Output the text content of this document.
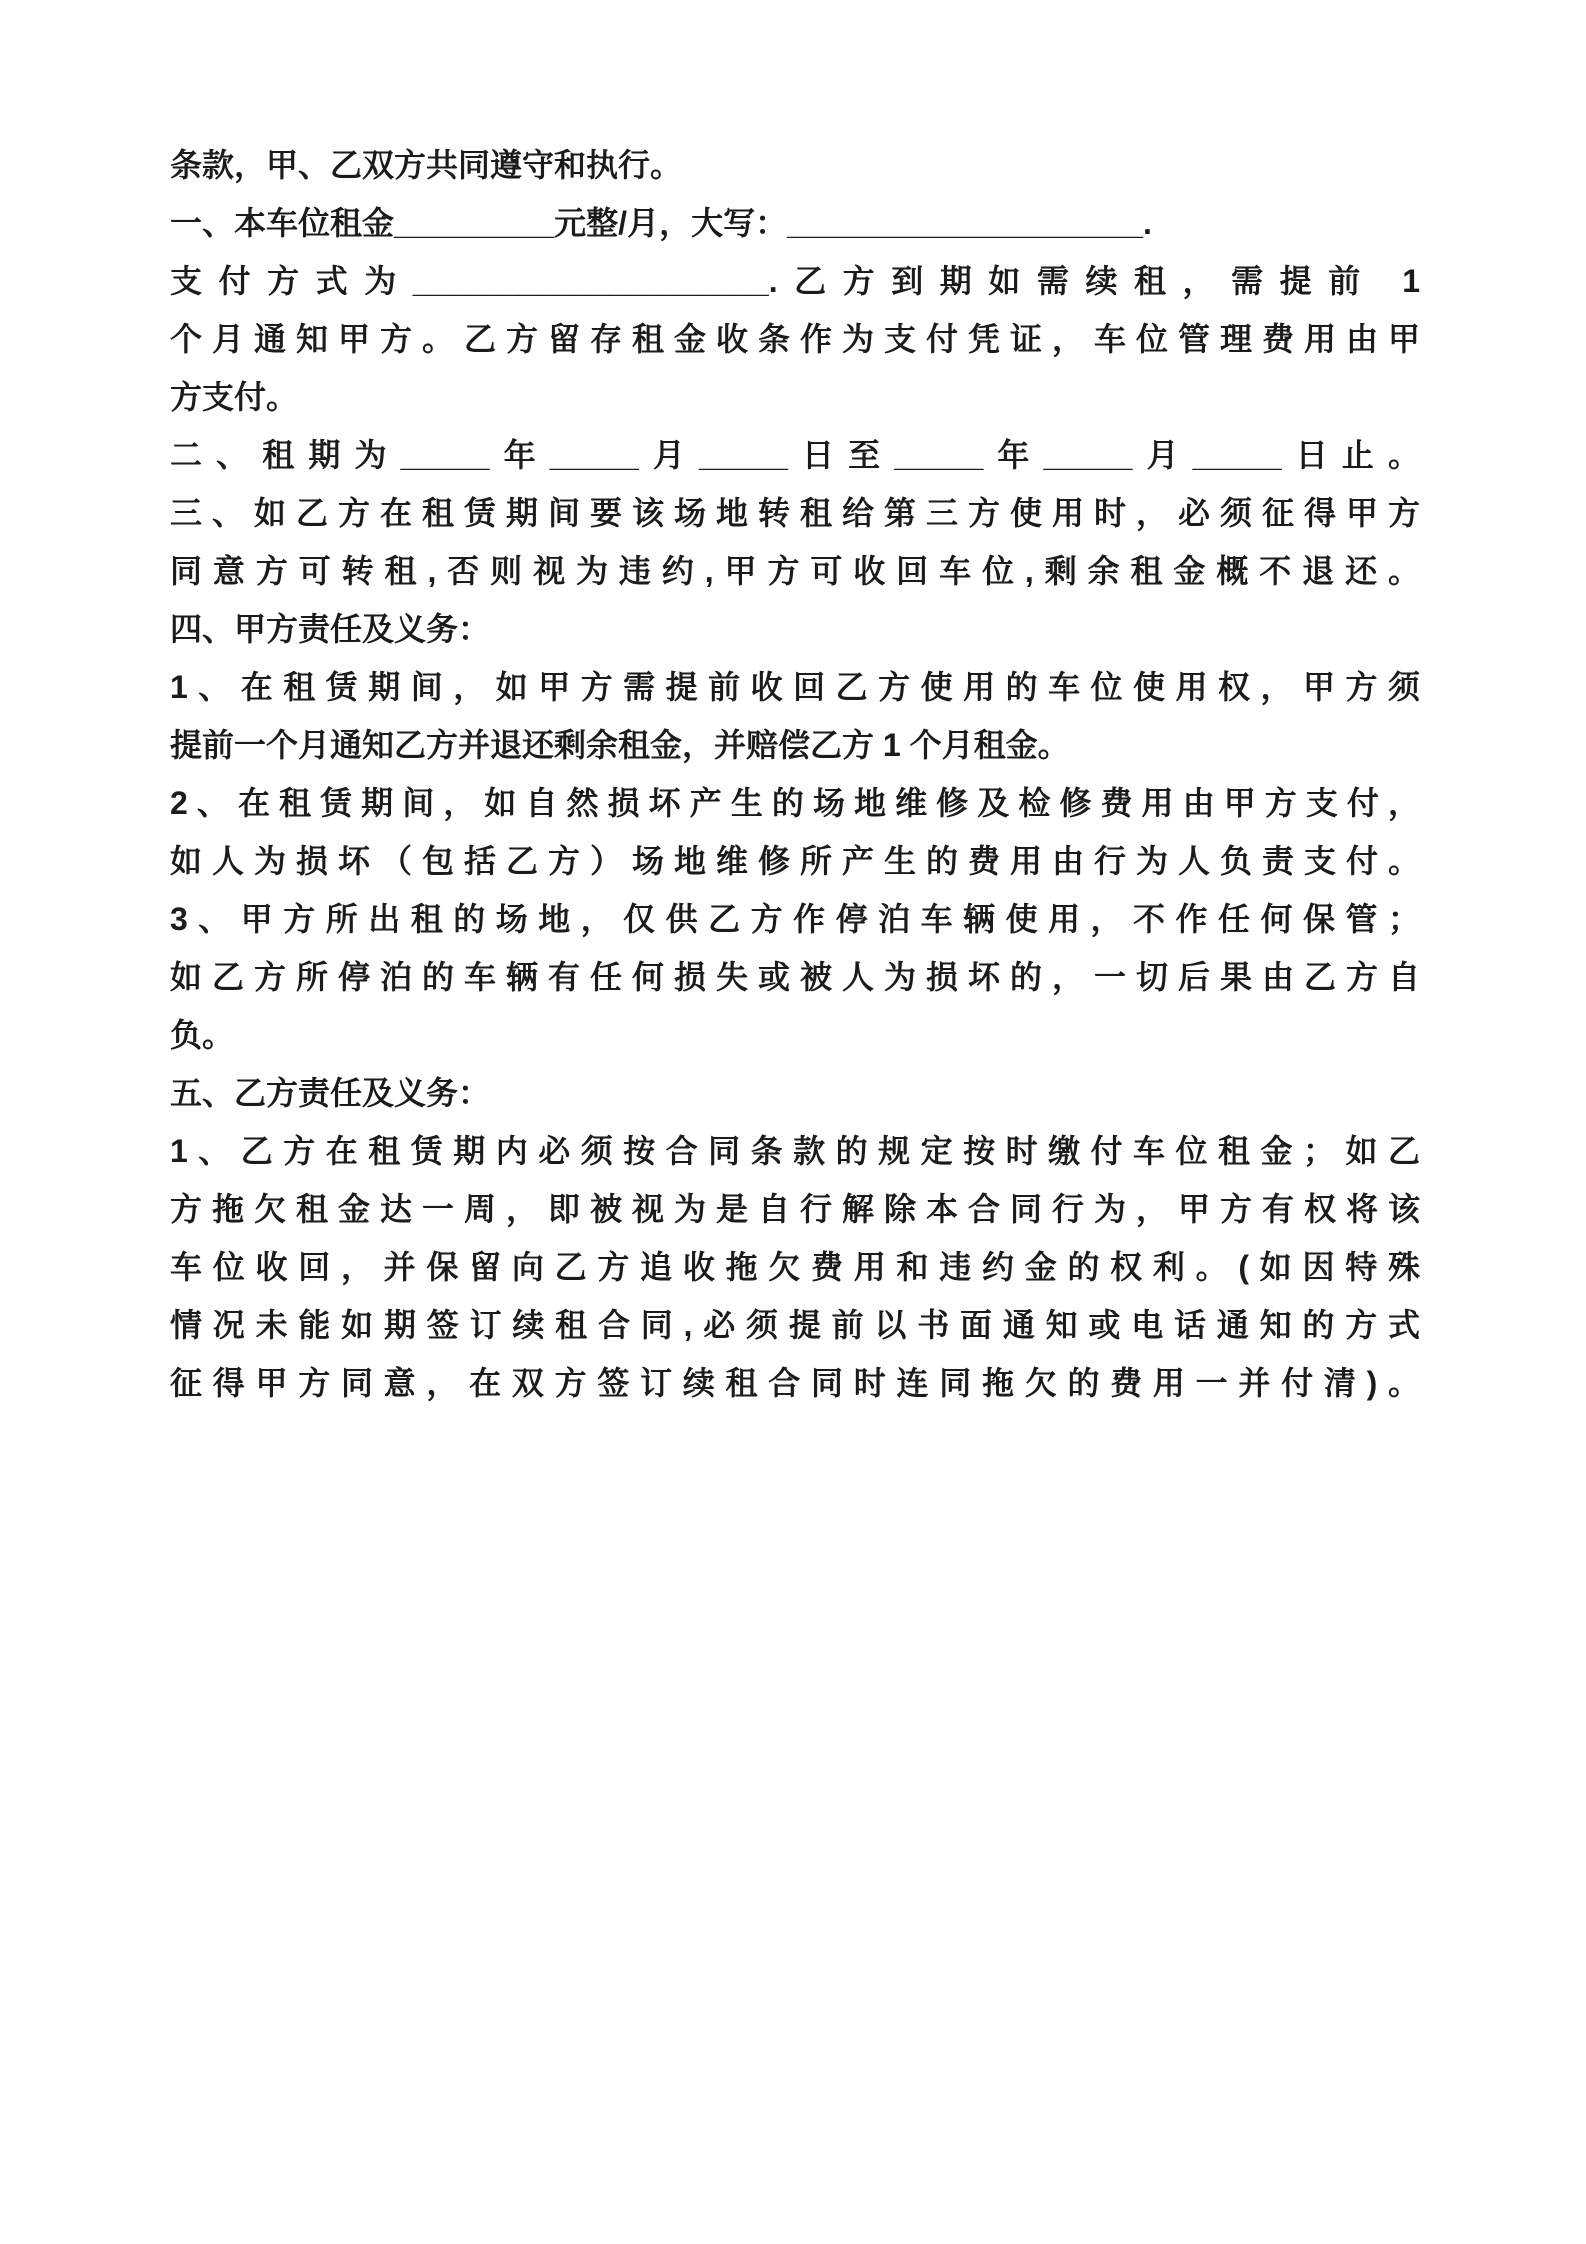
条款，甲、乙双方共同遵守和执行。
一、本车位租金_________元整/月，大写：____________________.
支付方式为____________________.乙方到期如需续租，需提前 1
个月通知甲方。乙方留存租金收条作为支付凭证，车位管理费用由甲
方支付。
二、租期为_____年_____月_____日至_____年_____月_____日止。
三、如乙方在租赁期间要该场地转租给第三方使用时，必须征得甲方
同意方可转租,否则视为违约,甲方可收回车位,剩余租金概不退还。
四、甲方责任及义务：
1、在租赁期间，如甲方需提前收回乙方使用的车位使用权，甲方须
提前一个月通知乙方并退还剩余租金，并赔偿乙方 1 个月租金。
2、在租赁期间，如自然损坏产生的场地维修及检修费用由甲方支付，
如人为损坏（包括乙方）场地维修所产生的费用由行为人负责支付。
3、甲方所出租的场地，仅供乙方作停泊车辆使用，不作任何保管；
如乙方所停泊的车辆有任何损失或被人为损坏的，一切后果由乙方自
负。
五、乙方责任及义务：
1、乙方在租赁期内必须按合同条款的规定按时缴付车位租金；如乙
方拖欠租金达一周，即被视为是自行解除本合同行为，甲方有权将该
车位收回，并保留向乙方追收拖欠费用和违约金的权利。(如因特殊
情况未能如期签订续租合同,必须提前以书面通知或电话通知的方式
征得甲方同意，在双方签订续租合同时连同拖欠的费用一并付清)。
